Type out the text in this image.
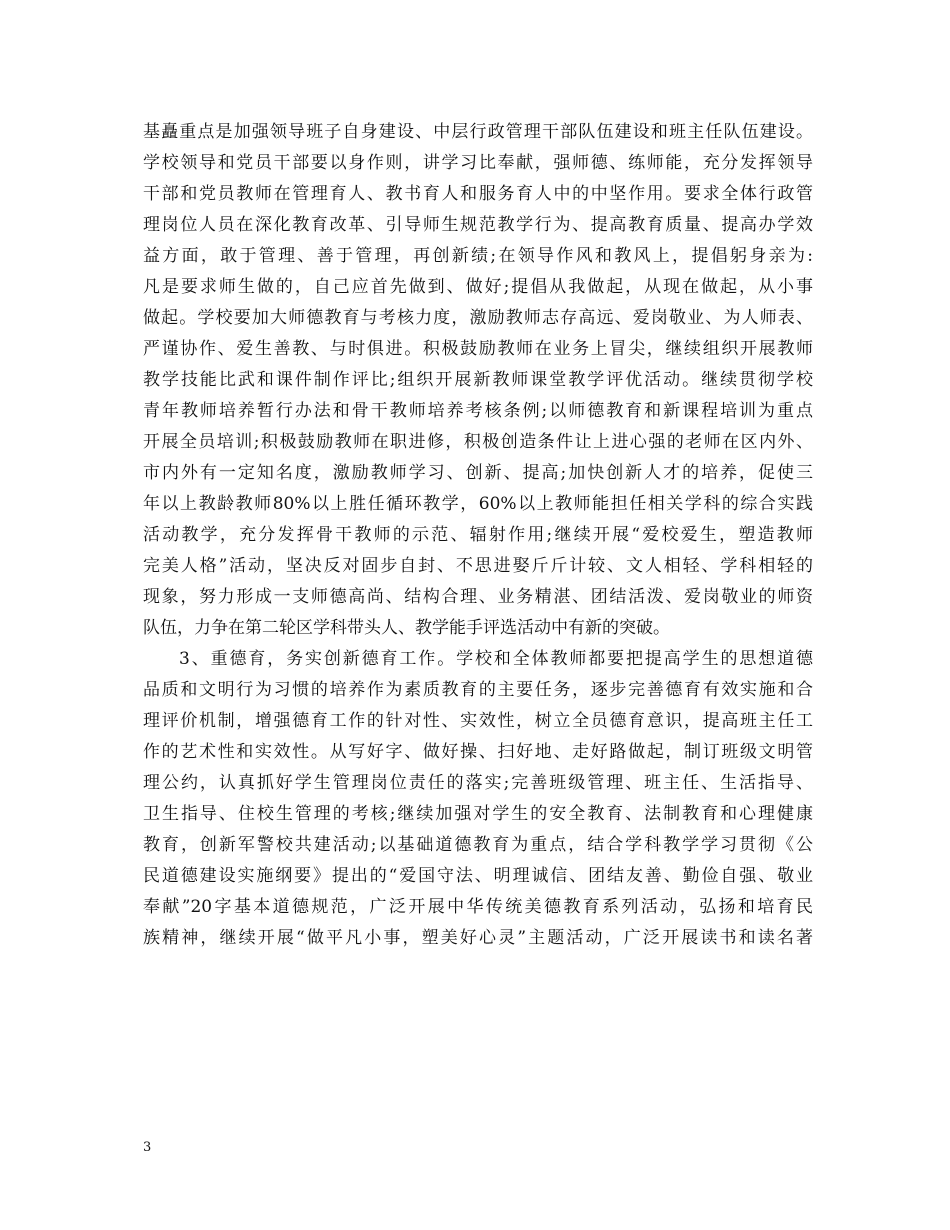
基矗重点是加强领导班子自身建设、中层行政管理干部队伍建设和班主任队伍建设。
学校领导和党员干部要以身作则，讲学习比奉献，强师德、练师能，充分发挥领导
干部和党员教师在管理育人、教书育人和服务育人中的中坚作用。要求全体行政管
理岗位人员在深化教育改革、引导师生规范教学行为、提高教育质量、提高办学效
益方面，敢于管理、善于管理，再创新绩;在领导作风和教风上，提倡躬身亲为:
凡是要求师生做的，自己应首先做到、做好;提倡从我做起，从现在做起，从小事
做起。学校要加大师德教育与考核力度，激励教师志存高远、爱岗敬业、为人师表、
严谨协作、爱生善教、与时俱进。积极鼓励教师在业务上冒尖，继续组织开展教师
教学技能比武和课件制作评比;组织开展新教师课堂教学评优活动。继续贯彻学校
青年教师培养暂行办法和骨干教师培养考核条例;以师德教育和新课程培训为重点
开展全员培训;积极鼓励教师在职进修，积极创造条件让上进心强的老师在区内外、
市内外有一定知名度，激励教师学习、创新、提高;加快创新人才的培养，促使三
年以上教龄教师80%以上胜任循环教学，60%以上教师能担任相关学科的综合实践
活动教学，充分发挥骨干教师的示范、辐射作用;继续开展“爱校爱生，塑造教师
完美人格”活动，坚决反对固步自封、不思进娶斤斤计较、文人相轻、学科相轻的
现象，努力形成一支师德高尚、结构合理、业务精湛、团结活泼、爱岗敬业的师资
队伍，力争在第二轮区学科带头人、教学能手评选活动中有新的突破。
3、重德育，务实创新德育工作。学校和全体教师都要把提高学生的思想道德
品质和文明行为习惯的培养作为素质教育的主要任务，逐步完善德育有效实施和合
理评价机制，增强德育工作的针对性、实效性，树立全员德育意识，提高班主任工
作的艺术性和实效性。从写好字、做好操、扫好地、走好路做起，制订班级文明管
理公约，认真抓好学生管理岗位责任的落实;完善班级管理、班主任、生活指导、
卫生指导、住校生管理的考核;继续加强对学生的安全教育、法制教育和心理健康
教育，创新军警校共建活动;以基础道德教育为重点，结合学科教学学习贯彻《公
民道德建设实施纲要》提出的“爱国守法、明理诚信、团结友善、勤俭自强、敬业
奉献”20字基本道德规范，广泛开展中华传统美德教育系列活动，弘扬和培育民
族精神，继续开展“做平凡小事，塑美好心灵”主题活动，广泛开展读书和读名著
3
